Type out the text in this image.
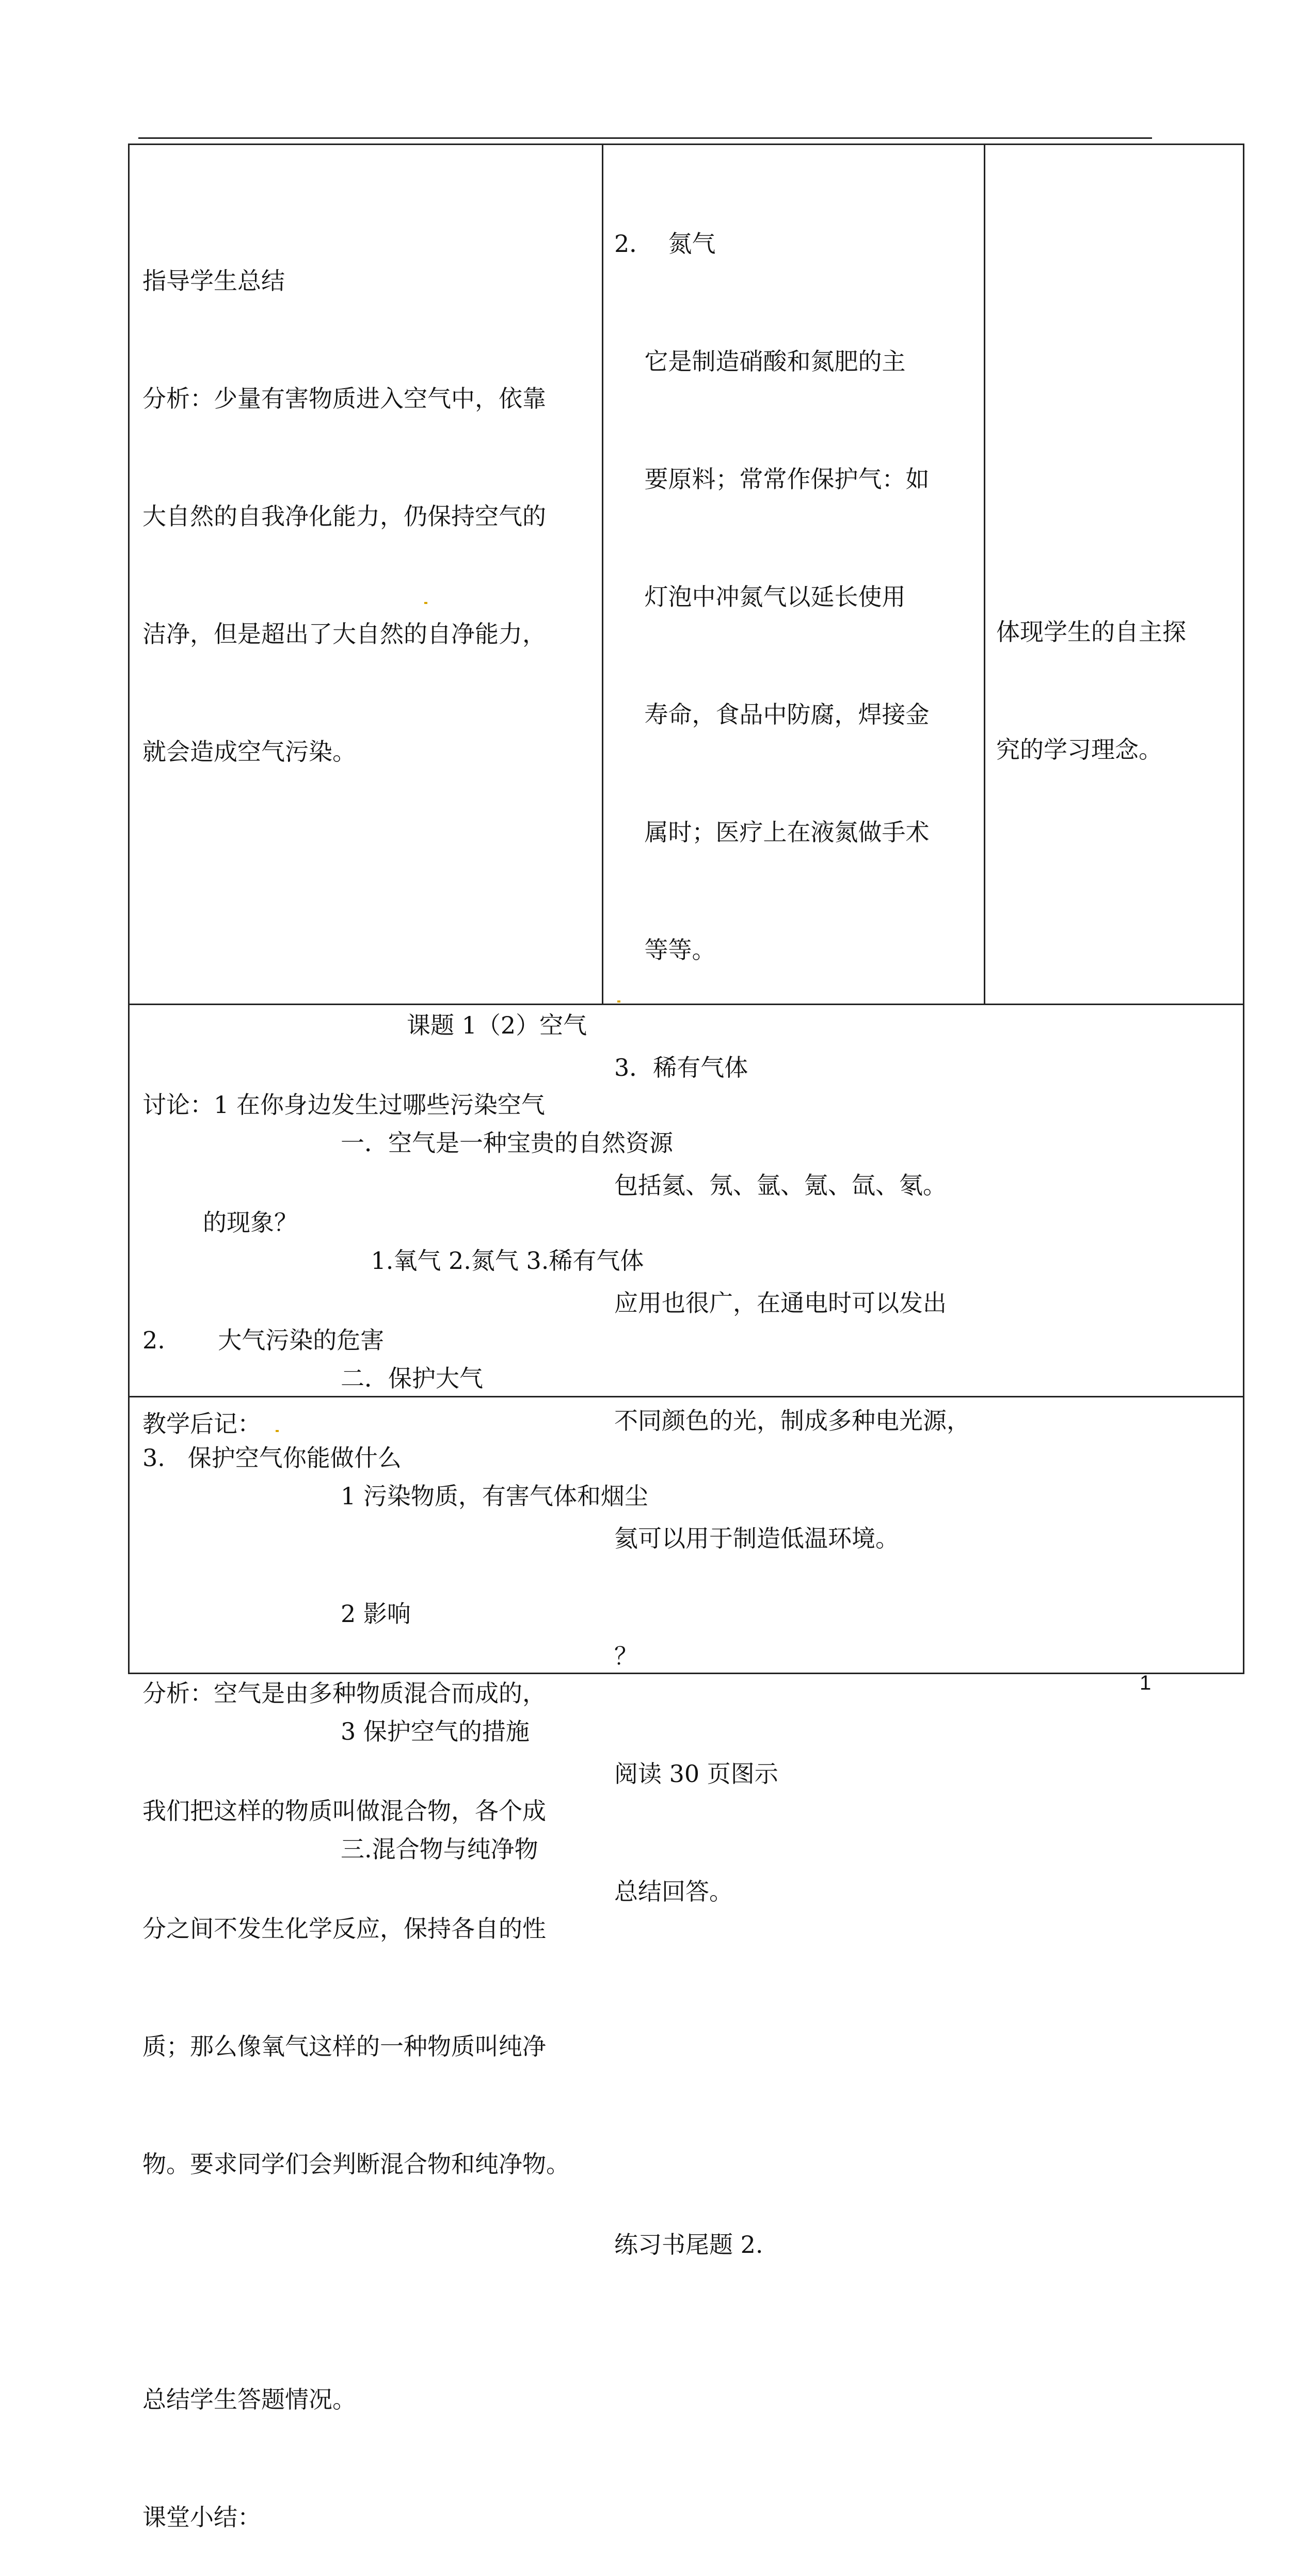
指导学生总结

分析：少量有害物质进入空气中，依靠

大自然的自我净化能力，仍保持空气的

洁净，但是超出了大自然的自净能力，

就会造成空气污染。

讨论：1 在你身边发生过哪些污染空气

的现象？

2.       大气污染的危害

3.   保护空气你能做什么

分析：空气是由多种物质混合而成的，

我们把这样的物质叫做混合物，各个成

分之间不发生化学反应，保持各自的性

质；那么像氧气这样的一种物质叫纯净

物。要求同学们会判断混合物和纯净物。

总结学生答题情况。

课堂小结：

2．  氮气

它是制造硝酸和氮肥的主

要原料；常常作保护气：如

灯泡中冲氮气以延长使用

寿命，食品中防腐，焊接金

属时；医疗上在液氮做手术

等等。

3．稀有气体

包括氦、氖、氩、氪、氙、氡。

应用也很广，在通电时可以发出

不同颜色的光，制成多种电光源，

氦可以用于制造低温环境。

？

阅读 30 页图示

总结回答。

练习书尾题 2.

体现学生的自主探

究的学习理念。

课题 1（2）空气

一．空气是一种宝贵的自然资源

1.氧气 2.氮气 3.稀有气体

二．保护大气

1 污染物质，有害气体和烟尘

2 影响

3 保护空气的措施

三.混合物与纯净物

教学后记：
1
